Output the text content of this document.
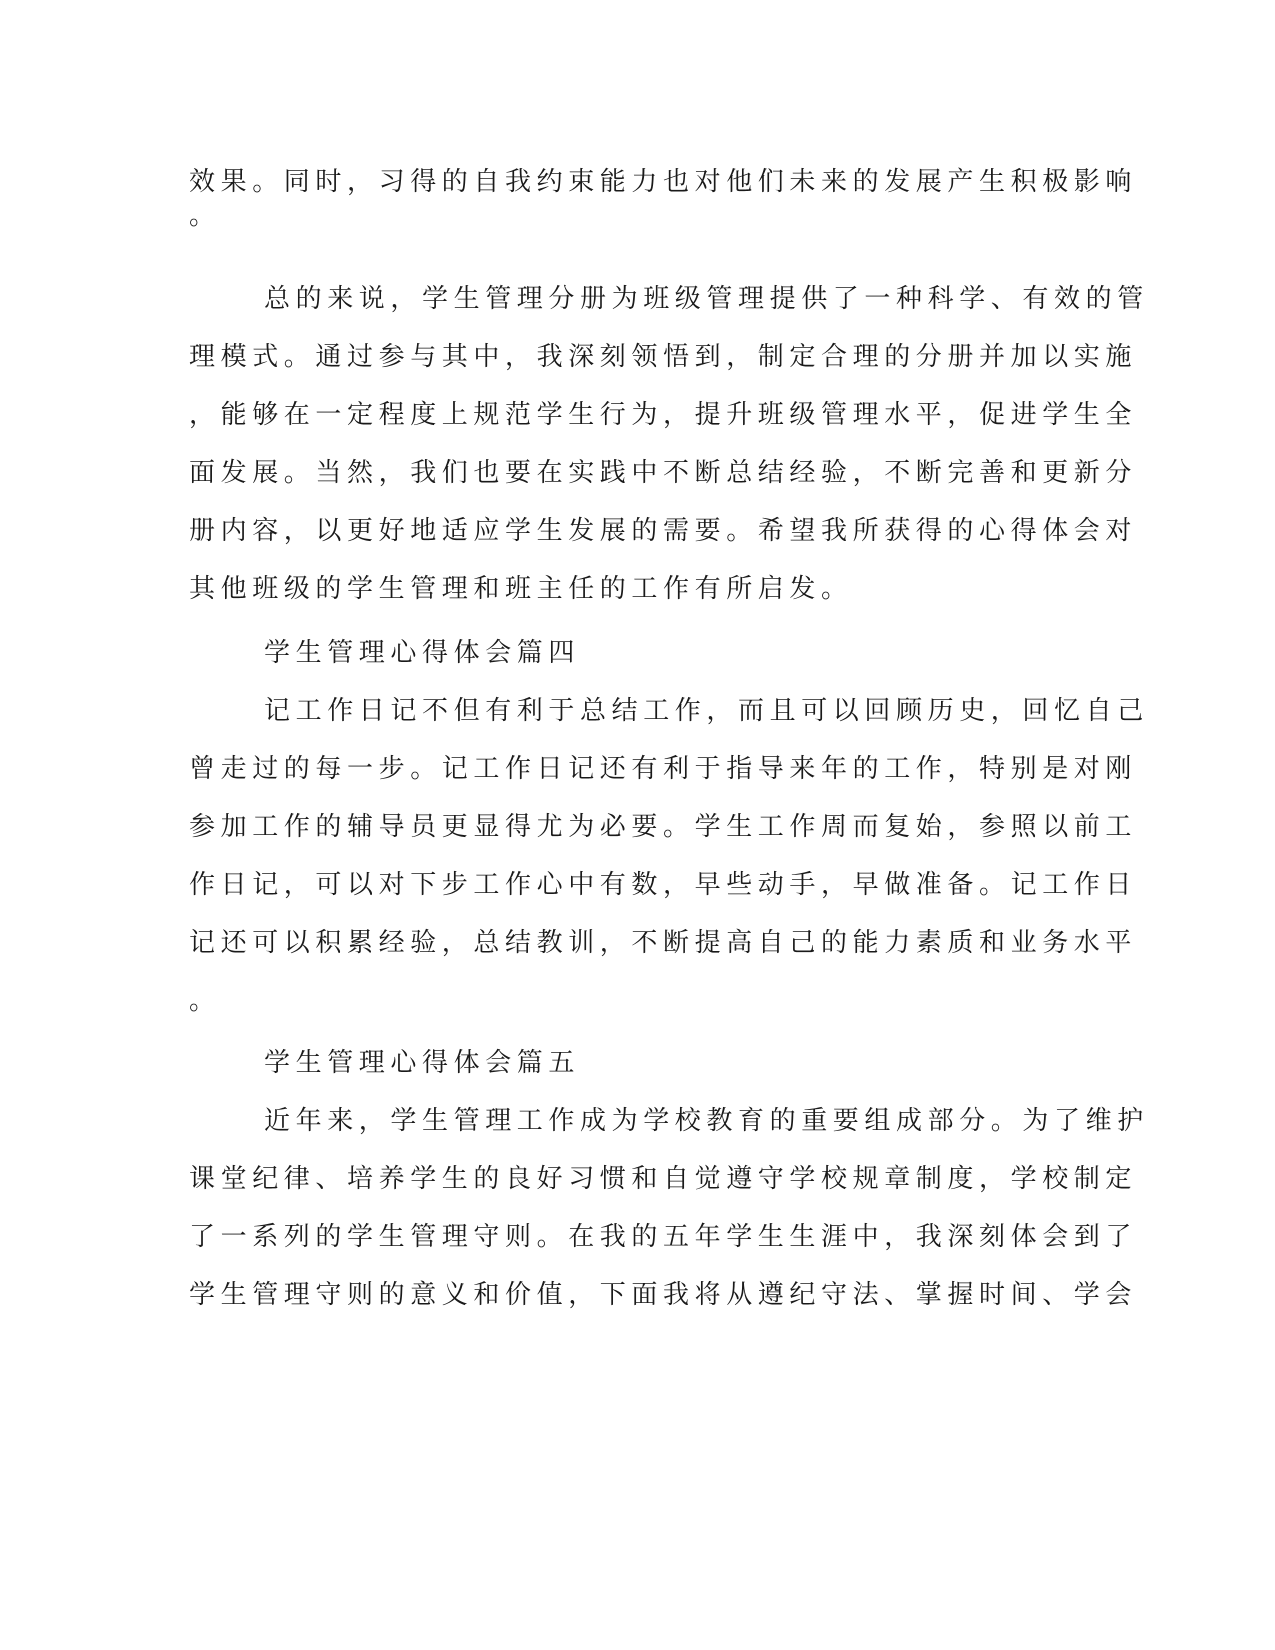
效果。同时，习得的自我约束能力也对他们未来的发展产生积极影响
。
总的来说，学生管理分册为班级管理提供了一种科学、有效的管
理模式。通过参与其中，我深刻领悟到，制定合理的分册并加以实施
，能够在一定程度上规范学生行为，提升班级管理水平，促进学生全
面发展。当然，我们也要在实践中不断总结经验，不断完善和更新分
册内容，以更好地适应学生发展的需要。希望我所获得的心得体会对
其他班级的学生管理和班主任的工作有所启发。
学生管理心得体会篇四
记工作日记不但有利于总结工作，而且可以回顾历史，回忆自己
曾走过的每一步。记工作日记还有利于指导来年的工作，特别是对刚
参加工作的辅导员更显得尤为必要。学生工作周而复始，参照以前工
作日记，可以对下步工作心中有数，早些动手，早做准备。记工作日
记还可以积累经验，总结教训，不断提高自己的能力素质和业务水平
。
学生管理心得体会篇五
近年来，学生管理工作成为学校教育的重要组成部分。为了维护
课堂纪律、培养学生的良好习惯和自觉遵守学校规章制度，学校制定
了一系列的学生管理守则。在我的五年学生生涯中，我深刻体会到了
学生管理守则的意义和价值，下面我将从遵纪守法、掌握时间、学会
